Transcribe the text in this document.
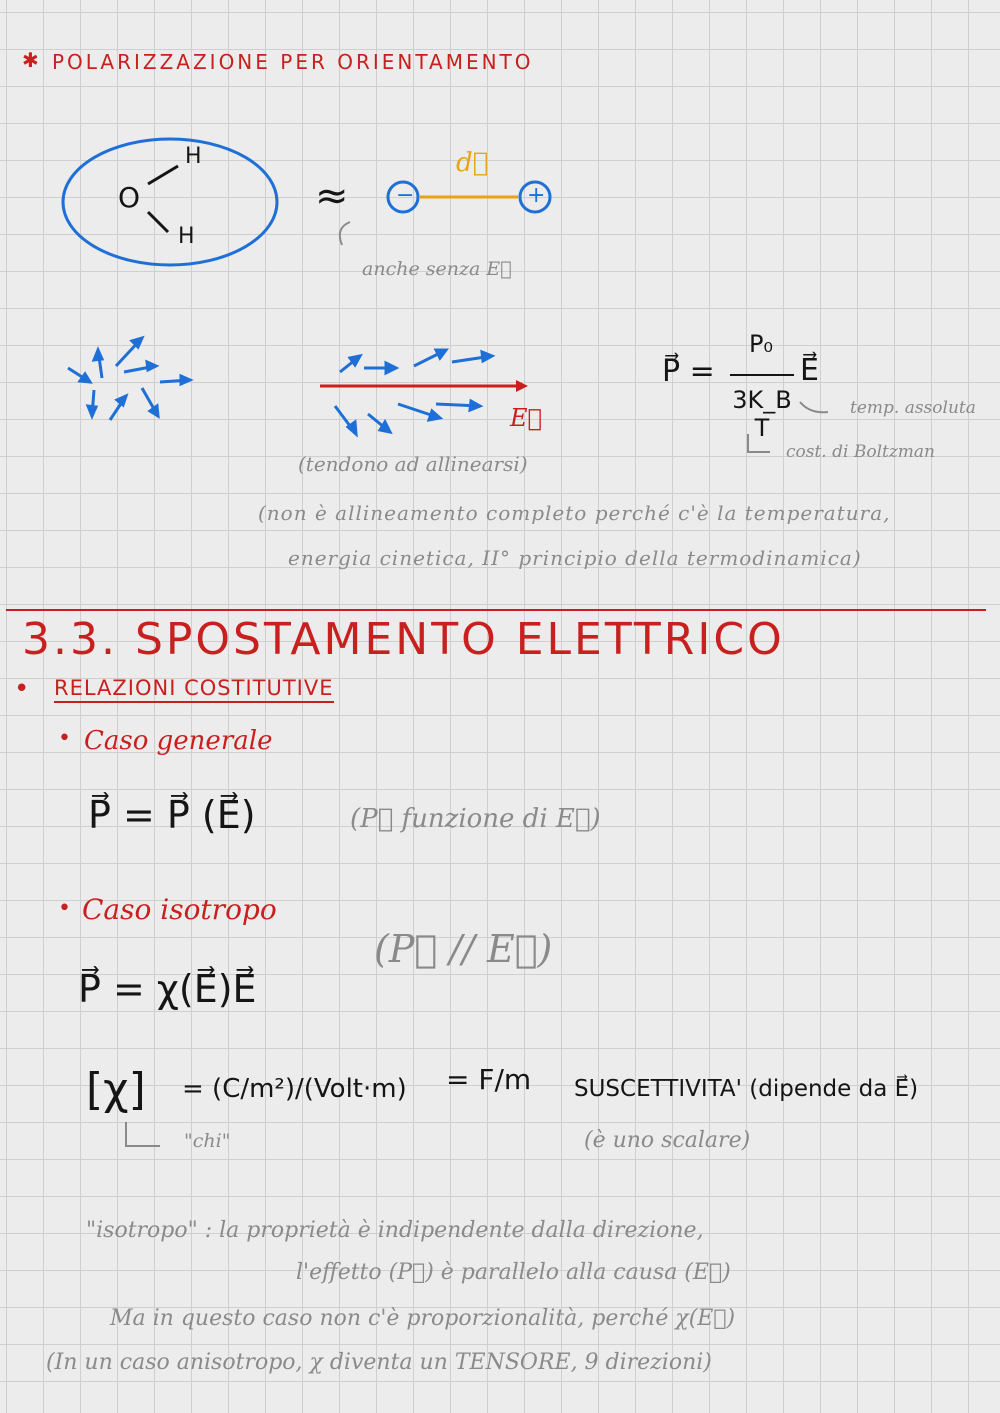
✱ POLARIZZAZIONE PER ORIENTAMENTO
O
H
H
≈ −	+
d⃗
anche senza E⃗
E⃗
P⃗ =
P₀
3K_B T
E⃗
temp. assoluta
cost. di Boltzman
(tendono ad allinearsi)
(non è allineamento completo perché c'è la temperatura,
energia cinetica, II° principio della termodinamica)
3.3. SPOSTAMENTO ELETTRICO
• RELAZIONI COSTITUTIVE
• Caso generale
P⃗ = P⃗ (E⃗)	(P⃗ funzione di E⃗)
• Caso isotropo
(P⃗ // E⃗)
P⃗ = χ(E⃗)E⃗
[χ] = (C/m²)/(Volt·m) = F/m SUSCETTIVITA' (dipende da E⃗)
"chi"	(è uno scalare)
"isotropo" : la proprietà è indipendente dalla direzione,
l'effetto (P⃗) è parallelo alla causa (E⃗)
Ma in questo caso non c'è proporzionalità, perché χ(E⃗)
(In un caso anisotropo, χ diventa un TENSORE, 9 direzioni)
